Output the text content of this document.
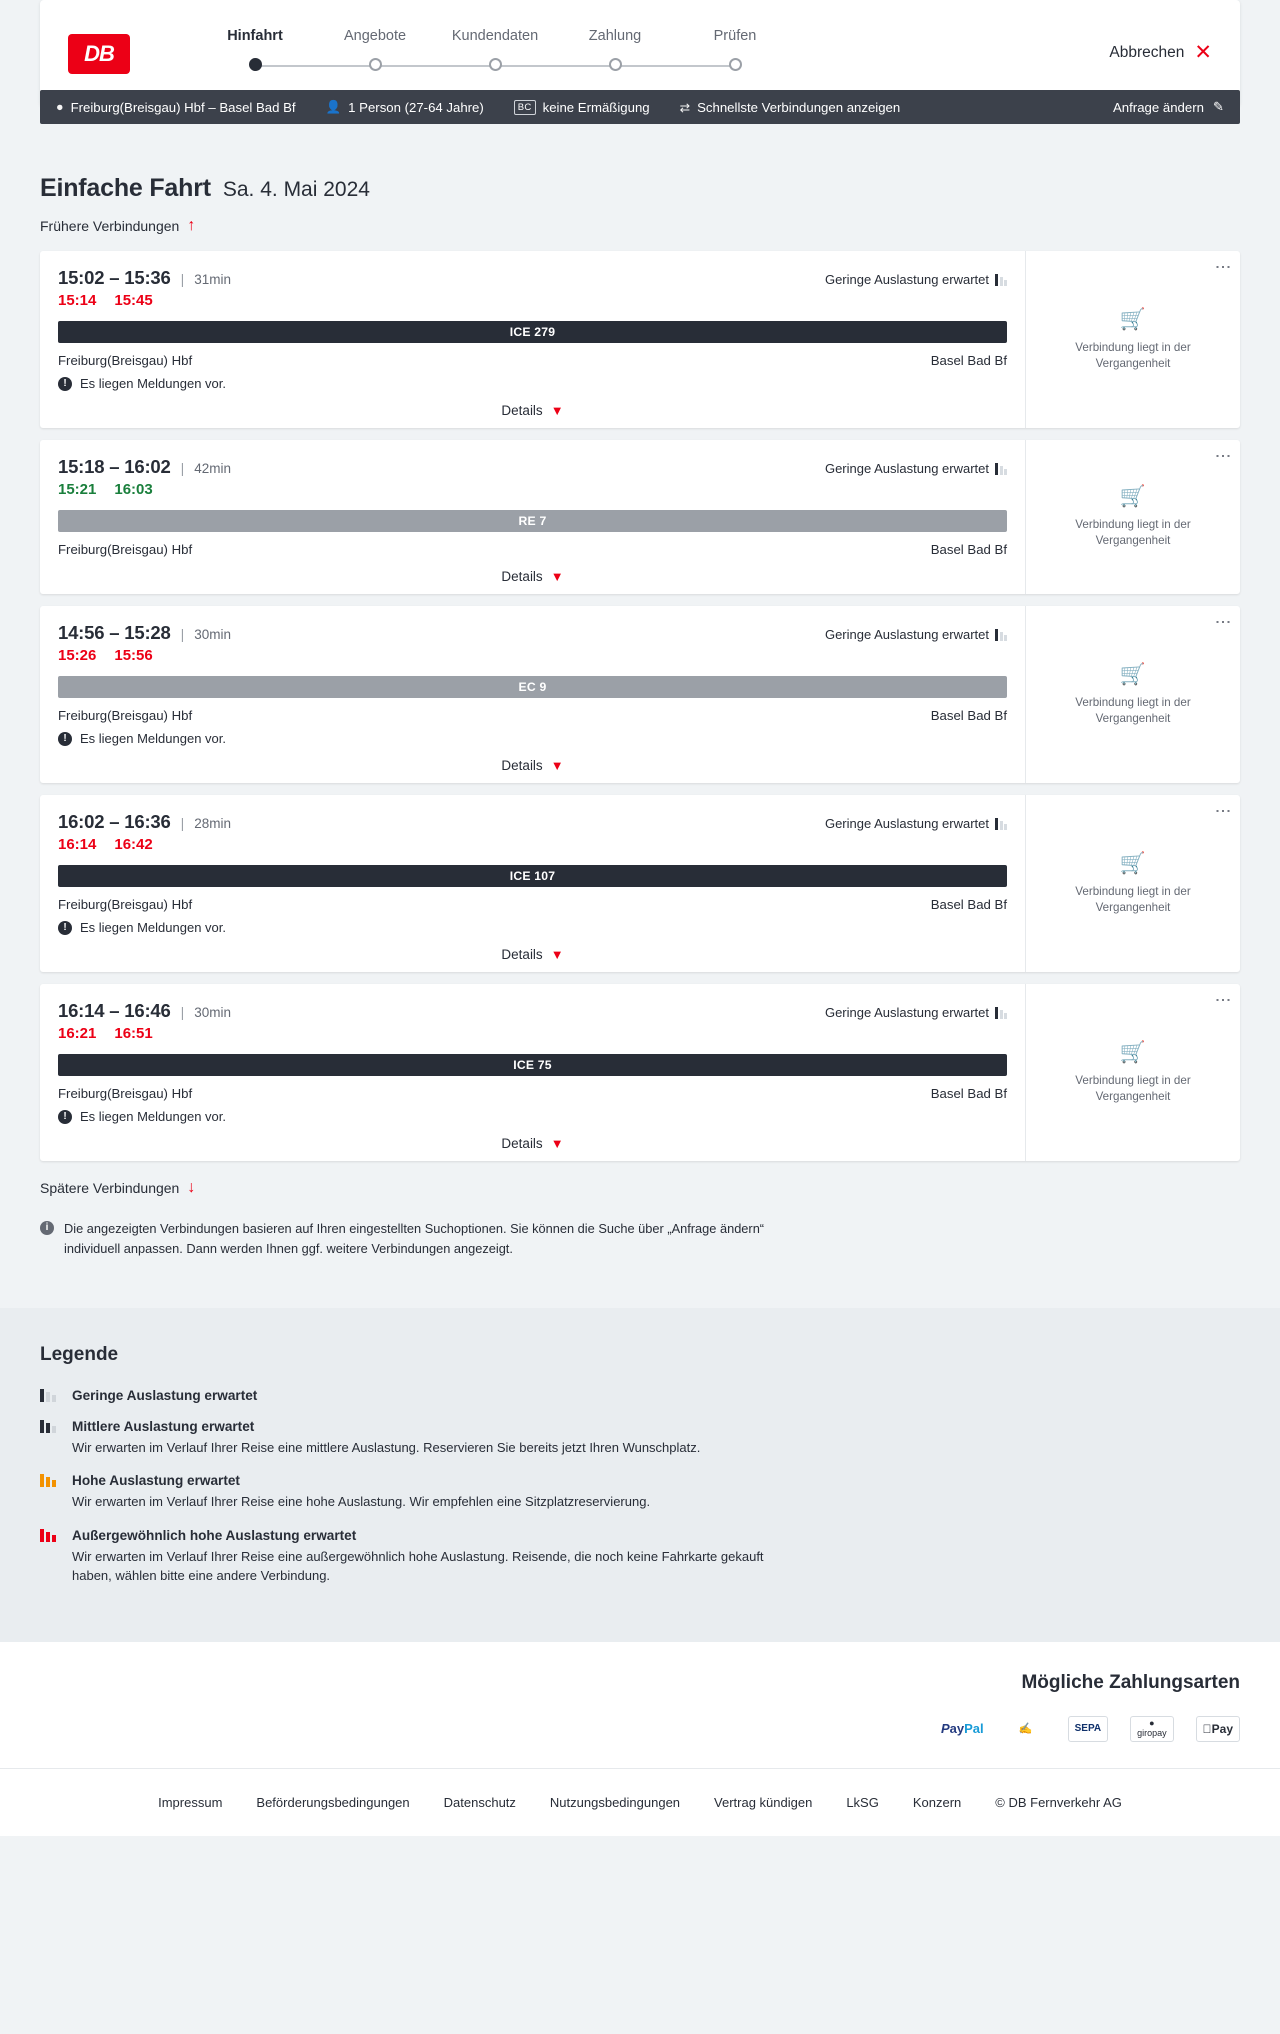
DB
Hinfahrt	Angebote	Kundendaten	Zahlung	Prüfen
Abbrechen ✕
● Freiburg(Breisgau) Hbf – Basel Bad Bf 👤 1 Person (27-64 Jahre)	BC keine Ermäßigung ⇄ Schnellste Verbindungen anzeigen	Anfrage ändern ✎
Einfache Fahrt Sa. 4. Mai 2024
Frühere Verbindungen ↑
15:02 – 15:36 | 31min	Geringe Auslastung erwartet
15:14 15:45
ICE 279
Freiburg(Breisgau) Hbf	Basel Bad Bf
!	Es liegen Meldungen vor.
Details ▼
⋮
🛒
Verbindung liegt in der Vergangenheit
15:18 – 16:02 | 42min	Geringe Auslastung erwartet
15:21 16:03
RE 7
Freiburg(Breisgau) Hbf	Basel Bad Bf
Details ▼
⋮
🛒
Verbindung liegt in der Vergangenheit
14:56 – 15:28 | 30min	Geringe Auslastung erwartet
15:26 15:56
EC 9
Freiburg(Breisgau) Hbf	Basel Bad Bf
!	Es liegen Meldungen vor.
Details ▼
⋮
🛒
Verbindung liegt in der Vergangenheit
16:02 – 16:36 | 28min	Geringe Auslastung erwartet
16:14 16:42
ICE 107
Freiburg(Breisgau) Hbf	Basel Bad Bf
!	Es liegen Meldungen vor.
Details ▼
⋮
🛒
Verbindung liegt in der Vergangenheit
16:14 – 16:46 | 30min	Geringe Auslastung erwartet
16:21 16:51
ICE 75
Freiburg(Breisgau) Hbf	Basel Bad Bf
!	Es liegen Meldungen vor.
Details ▼
⋮
🛒
Verbindung liegt in der Vergangenheit
Spätere Verbindungen ↓
i	Die angezeigten Verbindungen basieren auf Ihren eingestellten Suchoptionen. Sie können die Suche über „Anfrage ändern“ individuell anpassen. Dann werden Ihnen ggf. weitere Verbindungen angezeigt.
Legende
Geringe Auslastung erwartet
Mittlere Auslastung erwartet
Wir erwarten im Verlauf Ihrer Reise eine mittlere Auslastung. Reservieren Sie bereits jetzt Ihren Wunschplatz.
Hohe Auslastung erwartet
Wir erwarten im Verlauf Ihrer Reise eine hohe Auslastung. Wir empfehlen eine Sitzplatzreservierung.
Außergewöhnlich hohe Auslastung erwartet
Wir erwarten im Verlauf Ihrer Reise eine außergewöhnlich hohe Auslastung. Reisende, die noch keine Fahrkarte gekauft haben, wählen bitte eine andere Verbindung.
Mögliche Zahlungsarten
P ay Pal	✍	SEPA
●
giropay	Pay
Impressum	Beförderungsbedingungen	Datenschutz	Nutzungsbedingungen	Vertrag kündigen	LkSG	Konzern	© DB Fernverkehr AG
